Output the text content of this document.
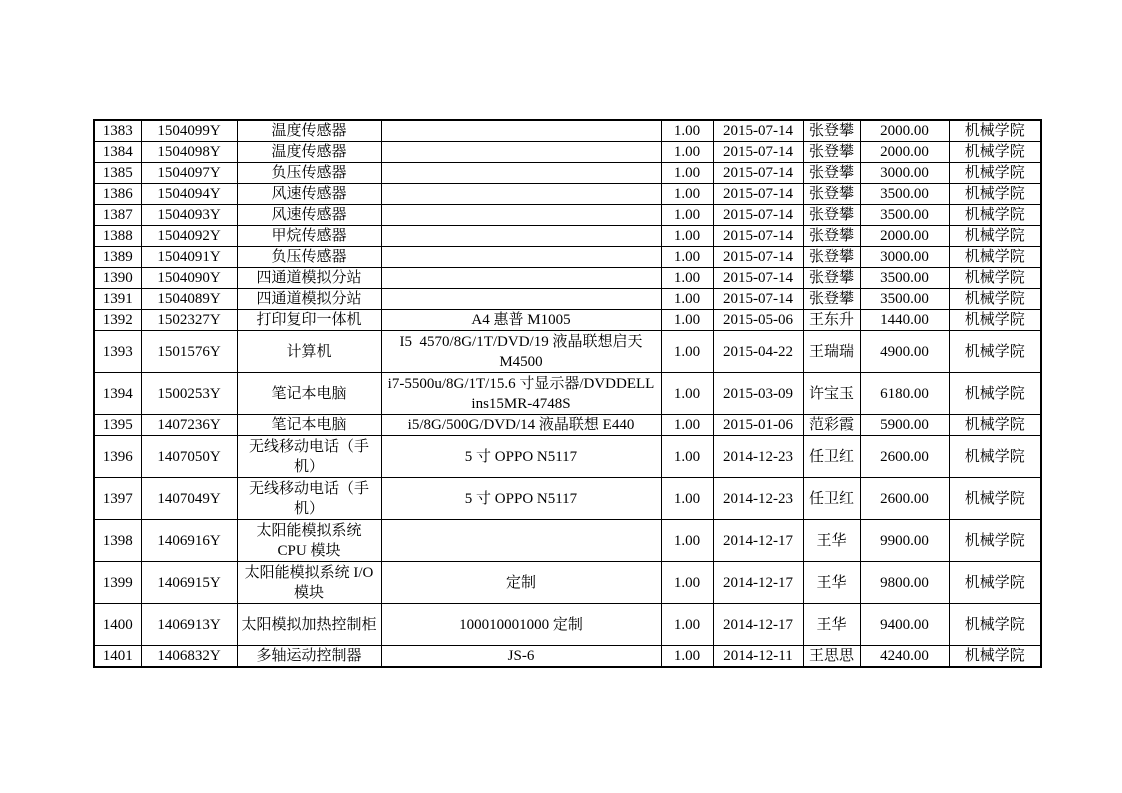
1383	1504099Y	温度传感器		1.00	2015-07-14	张登攀	2000.00	机械学院
1384	1504098Y	温度传感器		1.00	2015-07-14	张登攀	2000.00	机械学院
1385	1504097Y	负压传感器		1.00	2015-07-14	张登攀	3000.00	机械学院
1386	1504094Y	风速传感器		1.00	2015-07-14	张登攀	3500.00	机械学院
1387	1504093Y	风速传感器		1.00	2015-07-14	张登攀	3500.00	机械学院
1388	1504092Y	甲烷传感器		1.00	2015-07-14	张登攀	2000.00	机械学院
1389	1504091Y	负压传感器		1.00	2015-07-14	张登攀	3000.00	机械学院
1390	1504090Y	四通道模拟分站		1.00	2015-07-14	张登攀	3500.00	机械学院
1391	1504089Y	四通道模拟分站		1.00	2015-07-14	张登攀	3500.00	机械学院
1392	1502327Y	打印复印一体机	A4 惠普 M1005	1.00	2015-05-06	王东升	1440.00	机械学院
1393	1501576Y	计算机	I5  4570/8G/1T/DVD/19 液晶联想启天 M4500	1.00	2015-04-22	王瑞瑞	4900.00	机械学院
1394	1500253Y	笔记本电脑	i7-5500u/8G/1T/15.6 寸显示器/DVDDELL ins15MR-4748S	1.00	2015-03-09	许宝玉	6180.00	机械学院
1395	1407236Y	笔记本电脑	i5/8G/500G/DVD/14 液晶联想 E440	1.00	2015-01-06	范彩霞	5900.00	机械学院
1396	1407050Y	无线移动电话（手机）	5 寸 OPPO N5117	1.00	2014-12-23	任卫红	2600.00	机械学院
1397	1407049Y	无线移动电话（手机）	5 寸 OPPO N5117	1.00	2014-12-23	任卫红	2600.00	机械学院
1398	1406916Y	太阳能模拟系统 CPU 模块		1.00	2014-12-17	王华	9900.00	机械学院
1399	1406915Y	太阳能模拟系统 I/O 模块	定制	1.00	2014-12-17	王华	9800.00	机械学院
1400	1406913Y	太阳模拟加热控制柜	100010001000 定制	1.00	2014-12-17	王华	9400.00	机械学院
1401	1406832Y	多轴运动控制器	JS-6	1.00	2014-12-11	王思思	4240.00	机械学院
